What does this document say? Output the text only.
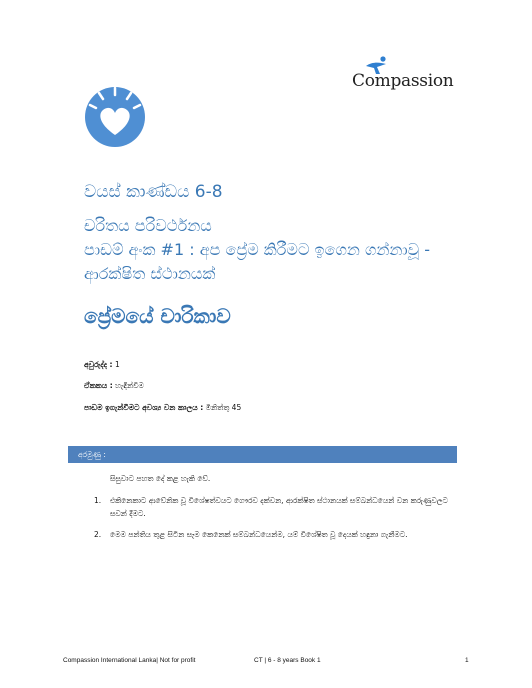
Compassion
වයස් කාණ්ඩය 6-8
චරිතය පරිවර්ථනය
පාඩම් අංක #1 : අප ප්‍රේම කිරීමට ඉගෙන ගන්නාවූ - ආරක්ෂිත ස්ථානයක්
ප්‍රේමයේ චාරිකාව
අවුරුද්ද : 1
ඒකකය : හැඳින්වීම
පාඩම ඉගැන්වීමට අවශ්‍ය වන කාලය : මිනිත්තු 45
අරමුණු :
සිසුවාට පහත දේ කළ හැකි වේ.
1.	එකිනෙකාට ආවේනික වූ විශේෂත්වයට ගෞරව දක්වන, ආරක්ෂිත ස්ථානයක් සම්බන්ධයෙන් වන කරුණුවලට සවන් දීමට.
2.	මෙම පන්තිය තුළ සිටින සෑම කෙනෙක් සම්බන්ධයෙන්ම, යම් විශේෂිත වූ දෙයක් හඳුනා ගැනීමට.
Compassion International Lanka| Not for profit	CT | 6 - 8 years Book 1	1
